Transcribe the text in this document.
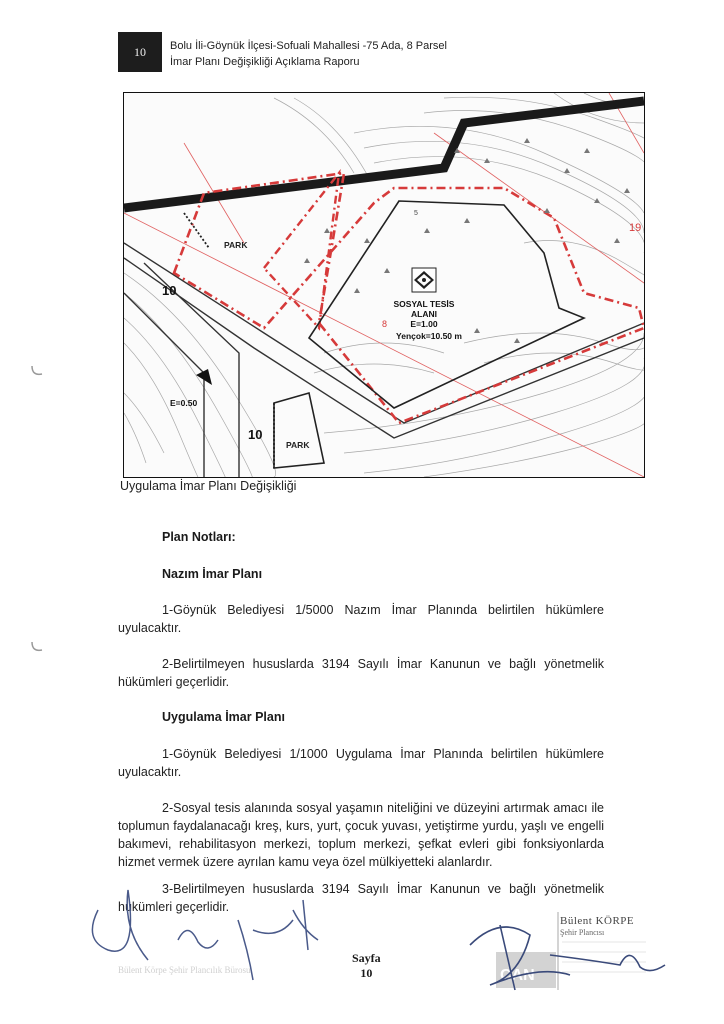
10	Bolu İli-Göynük İlçesi-Sofuali Mahallesi -75 Ada, 8 Parsel
İmar Planı Değişikliği Açıklama Raporu
PARK
PARK
10
10
SOSYAL TESİS
ALANI
E=1.00
Yençok=10.50 m
8
E=0.50
19
5
Uygulama İmar Planı Değişikliği
Plan Notları:
Nazım İmar Planı

1-Göynük Belediyesi 1/5000 Nazım İmar Planında belirtilen hükümlere uyulacaktır.

2-Belirtilmeyen hususlarda 3194 Sayılı İmar Kanunun ve bağlı yönetmelik hükümleri geçerlidir.

Uygulama İmar Planı

1-Göynük Belediyesi 1/1000 Uygulama İmar Planında belirtilen hükümlere uyulacaktır.

2-Sosyal tesis alanında sosyal yaşamın niteliğini ve düzeyini artırmak amacı ile toplumun faydalanacağı kreş, kurs, yurt, çocuk yuvası, yetiştirme yurdu, yaşlı ve engelli bakımevi, rehabilitasyon merkezi, toplum merkezi, şefkat evleri gibi fonksiyonlarda hizmet vermek üzere ayrılan kamu veya özel mülkiyetteki alanlardır.

3-Belirtilmeyen hususlarda 3194 Sayılı İmar Kanunun ve bağlı yönetmelik hükümleri geçerlidir.

Bülent Körpe Şehir Plancılık Bürosu
Sayfa
10	CAN
Bülent KÖRPE
Şehir Plancısı
